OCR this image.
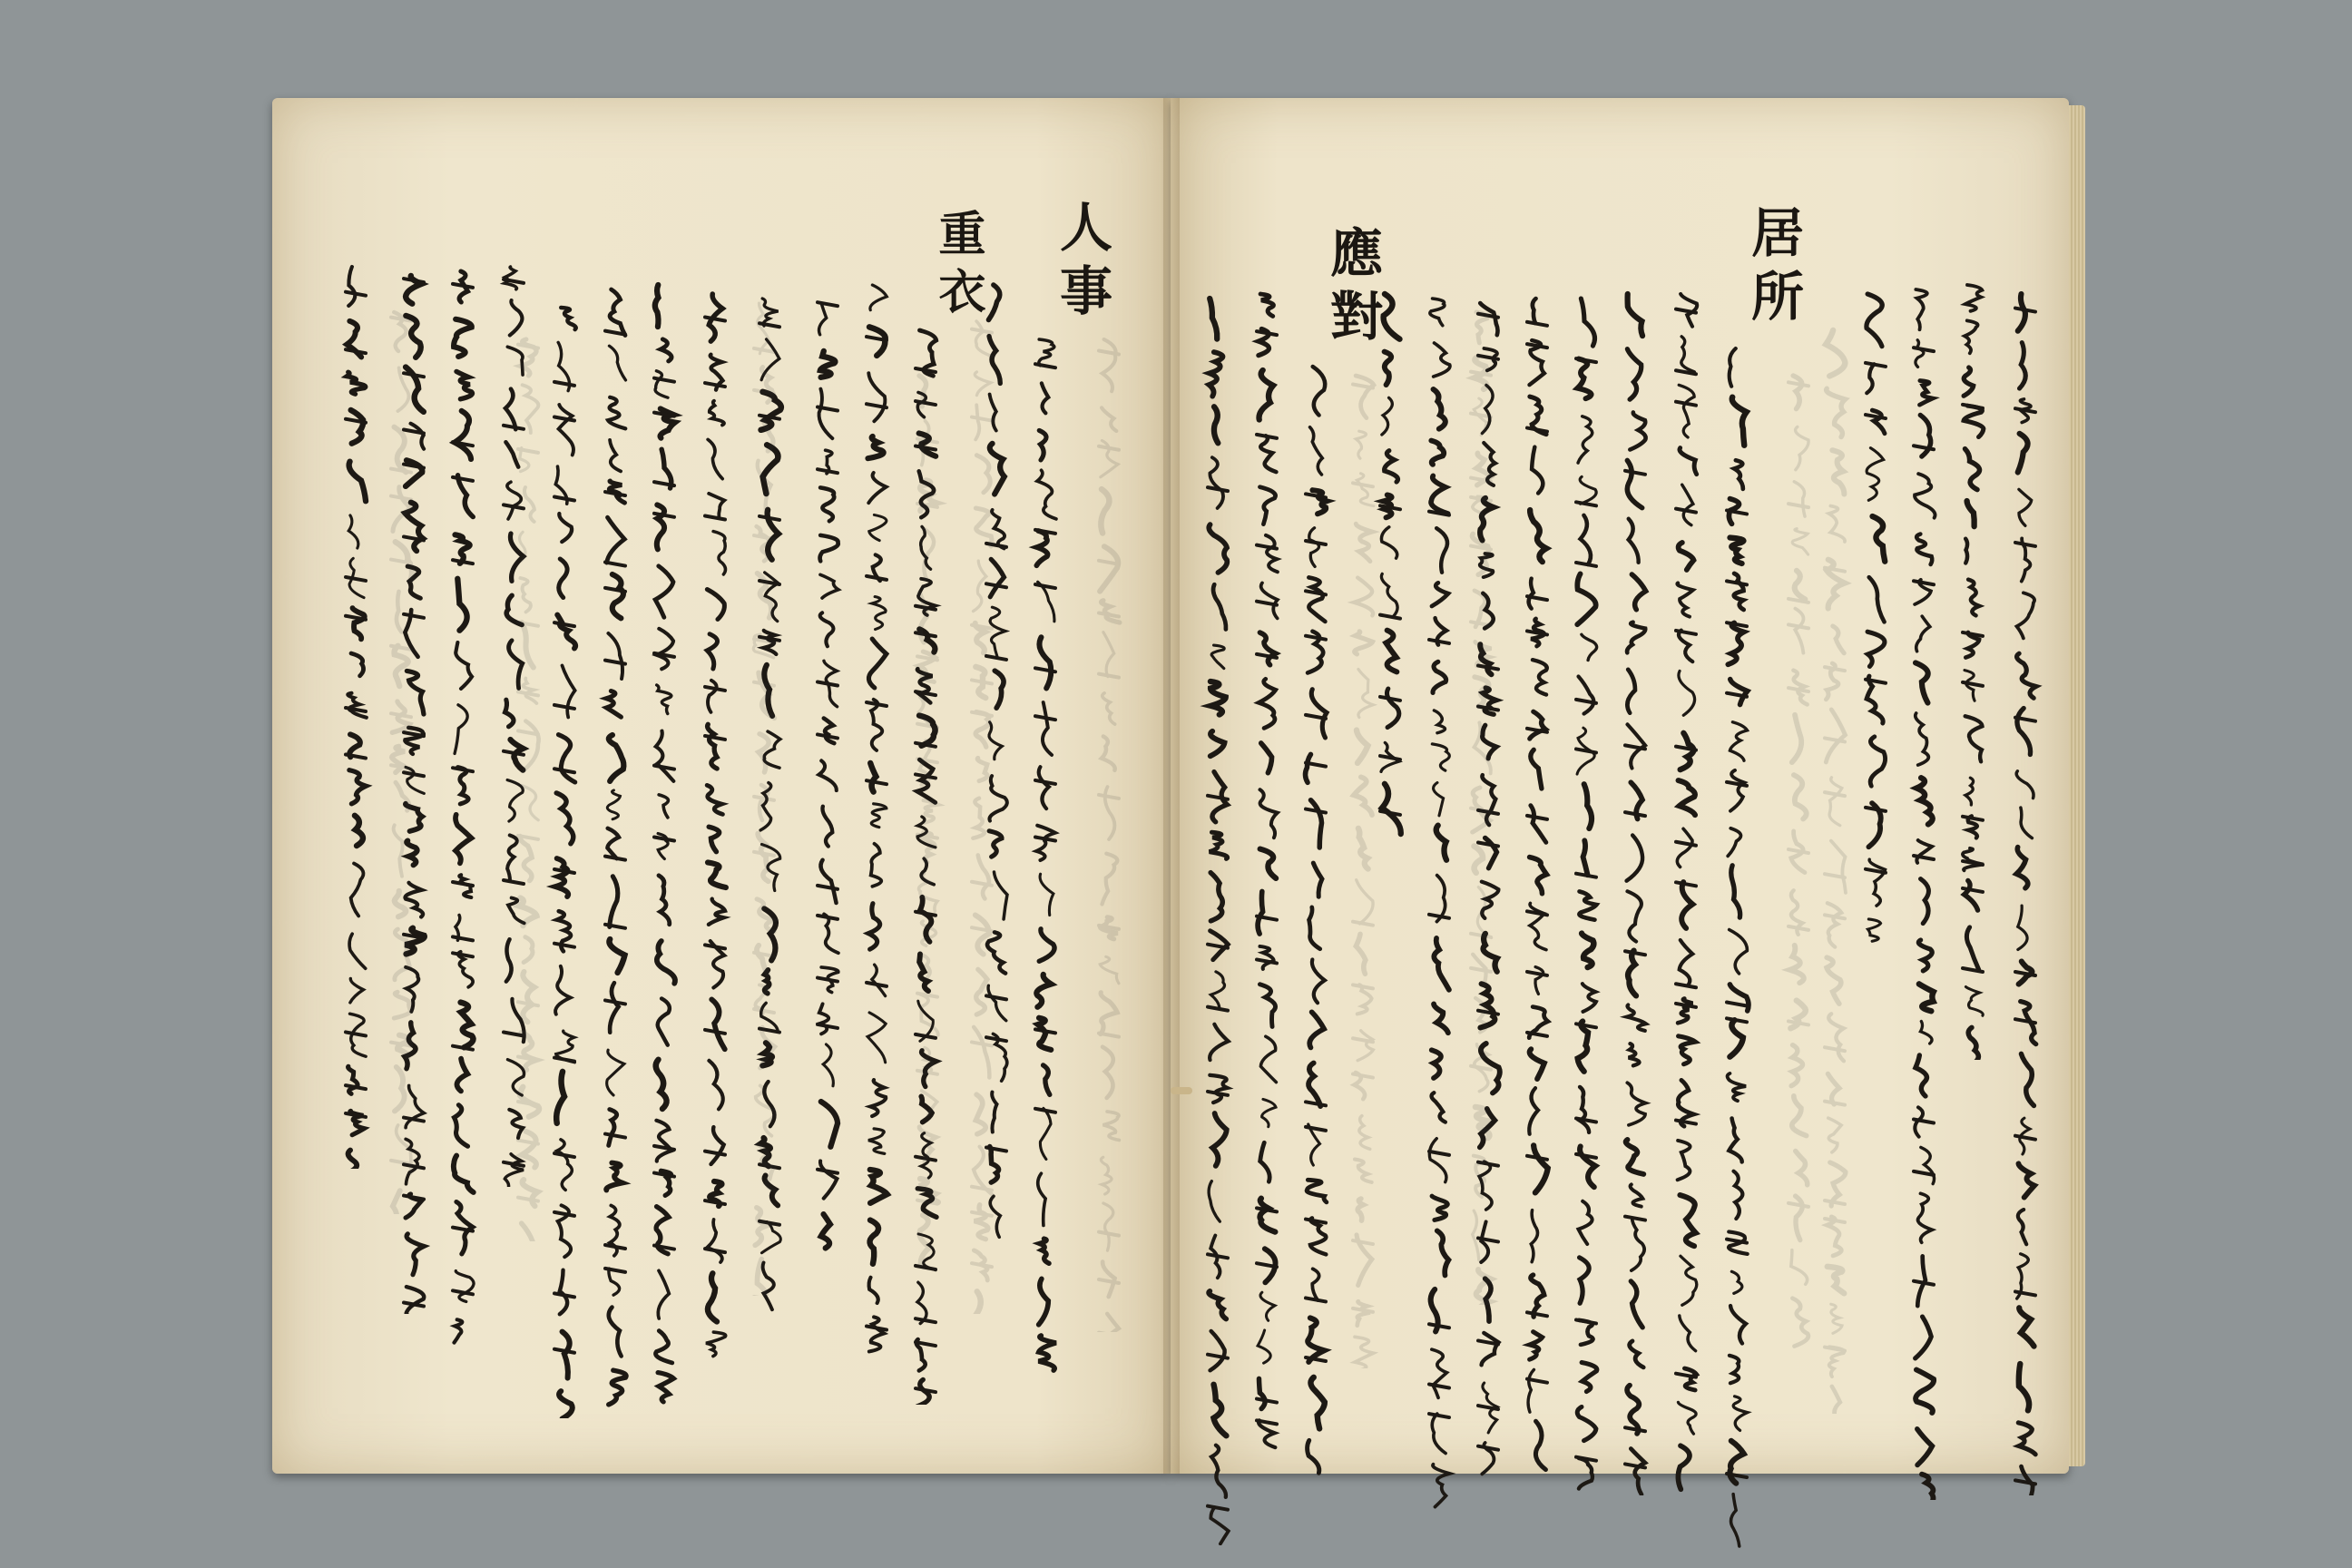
人事
重衣	居所
應對
